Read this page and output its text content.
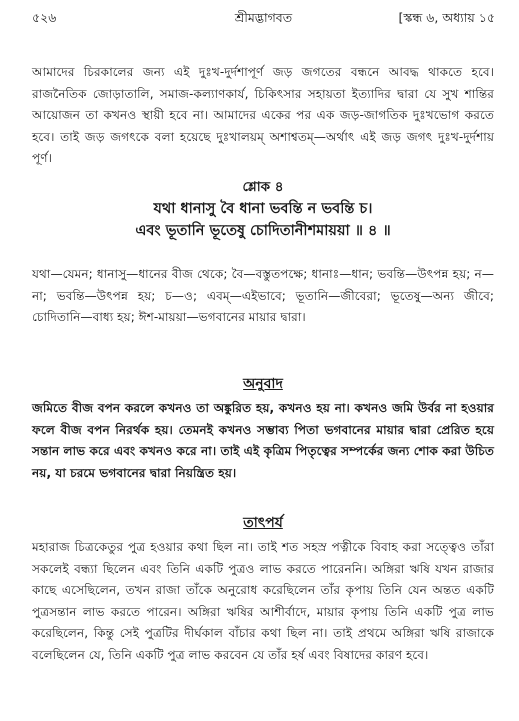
৫২৬	শ্রীমদ্ভাগবত	[স্কন্ধ ৬, অধ্যায় ১৫
আমাদের চিরকালের জন্য এই দুঃখ-দুর্দশাপূর্ণ জড় জগতের বন্ধনে আবদ্ধ থাকতে হবে। রাজনৈতিক জোড়াতালি, সমাজ-কল্যাণকার্য, চিকিৎসার সহায়তা ইত্যাদির দ্বারা যে সুখ শান্তির আয়োজন তা কখনও স্থায়ী হবে না। আমাদের একের পর এক জড়-জাগতিক দুঃখভোগ করতে হবে। তাই জড় জগৎকে বলা হয়েছে দুঃখালয়ম্ অশাশ্বতম্—অর্থাৎ এই জড় জগৎ দুঃখ-দুর্দশায় পূর্ণ।
শ্লোক ৪
যথা ধানাসু বৈ ধানা ভবন্তি ন ভবন্তি চ।
এবং ভূতানি ভূতেষু চোদিতানীশমায়য়া ॥ ৪ ॥
যথা—যেমন; ধানাসু—ধানের বীজ থেকে; বৈ—বস্তুতপক্ষে; ধানাঃ—ধান; ভবন্তি—উৎপন্ন হয়; ন—না; ভবন্তি—উৎপন্ন হয়; চ—ও; এবম্—এইভাবে; ভূতানি—জীবেরা; ভূতেষু—অন্য জীবে; চোদিতানি—বাধ্য হয়; ঈশ-মায়য়া—ভগবানের মায়ার দ্বারা।
অনুবাদ
জমিতে বীজ বপন করলে কখনও তা অঙ্কুরিত হয়, কখনও হয় না। কখনও জমি উর্বর না হওয়ার ফলে বীজ বপন নিরর্থক হয়। তেমনই কখনও সম্ভাব্য পিতা ভগবানের মায়ার দ্বারা প্রেরিত হয়ে সন্তান লাভ করে এবং কখনও করে না। তাই এই কৃত্রিম পিতৃত্বের সম্পর্কের জন্য শোক করা উচিত নয়, যা চরমে ভগবানের দ্বারা নিয়ন্ত্রিত হয়।
তাৎপর্য
মহারাজ চিত্রকেতুর পুত্র হওয়ার কথা ছিল না। তাই শত সহস্র পত্নীকে বিবাহ করা সত্ত্বেও তাঁরা সকলেই বন্ধ্যা ছিলেন এবং তিনি একটি পুত্রও লাভ করতে পারেননি। অঙ্গিরা ঋষি যখন রাজার কাছে এসেছিলেন, তখন রাজা তাঁকে অনুরোধ করেছিলেন তাঁর কৃপায় তিনি যেন অন্তত একটি পুত্রসন্তান লাভ করতে পারেন। অঙ্গিরা ঋষির আশীর্বাদে, মায়ার কৃপায় তিনি একটি পুত্র লাভ করেছিলেন, কিন্তু সেই পুত্রটির দীর্ঘকাল বাঁচার কথা ছিল না। তাই প্রথমে অঙ্গিরা ঋষি রাজাকে বলেছিলেন যে, তিনি একটি পুত্র লাভ করবেন যে তাঁর হর্ষ এবং বিষাদের কারণ হবে।
